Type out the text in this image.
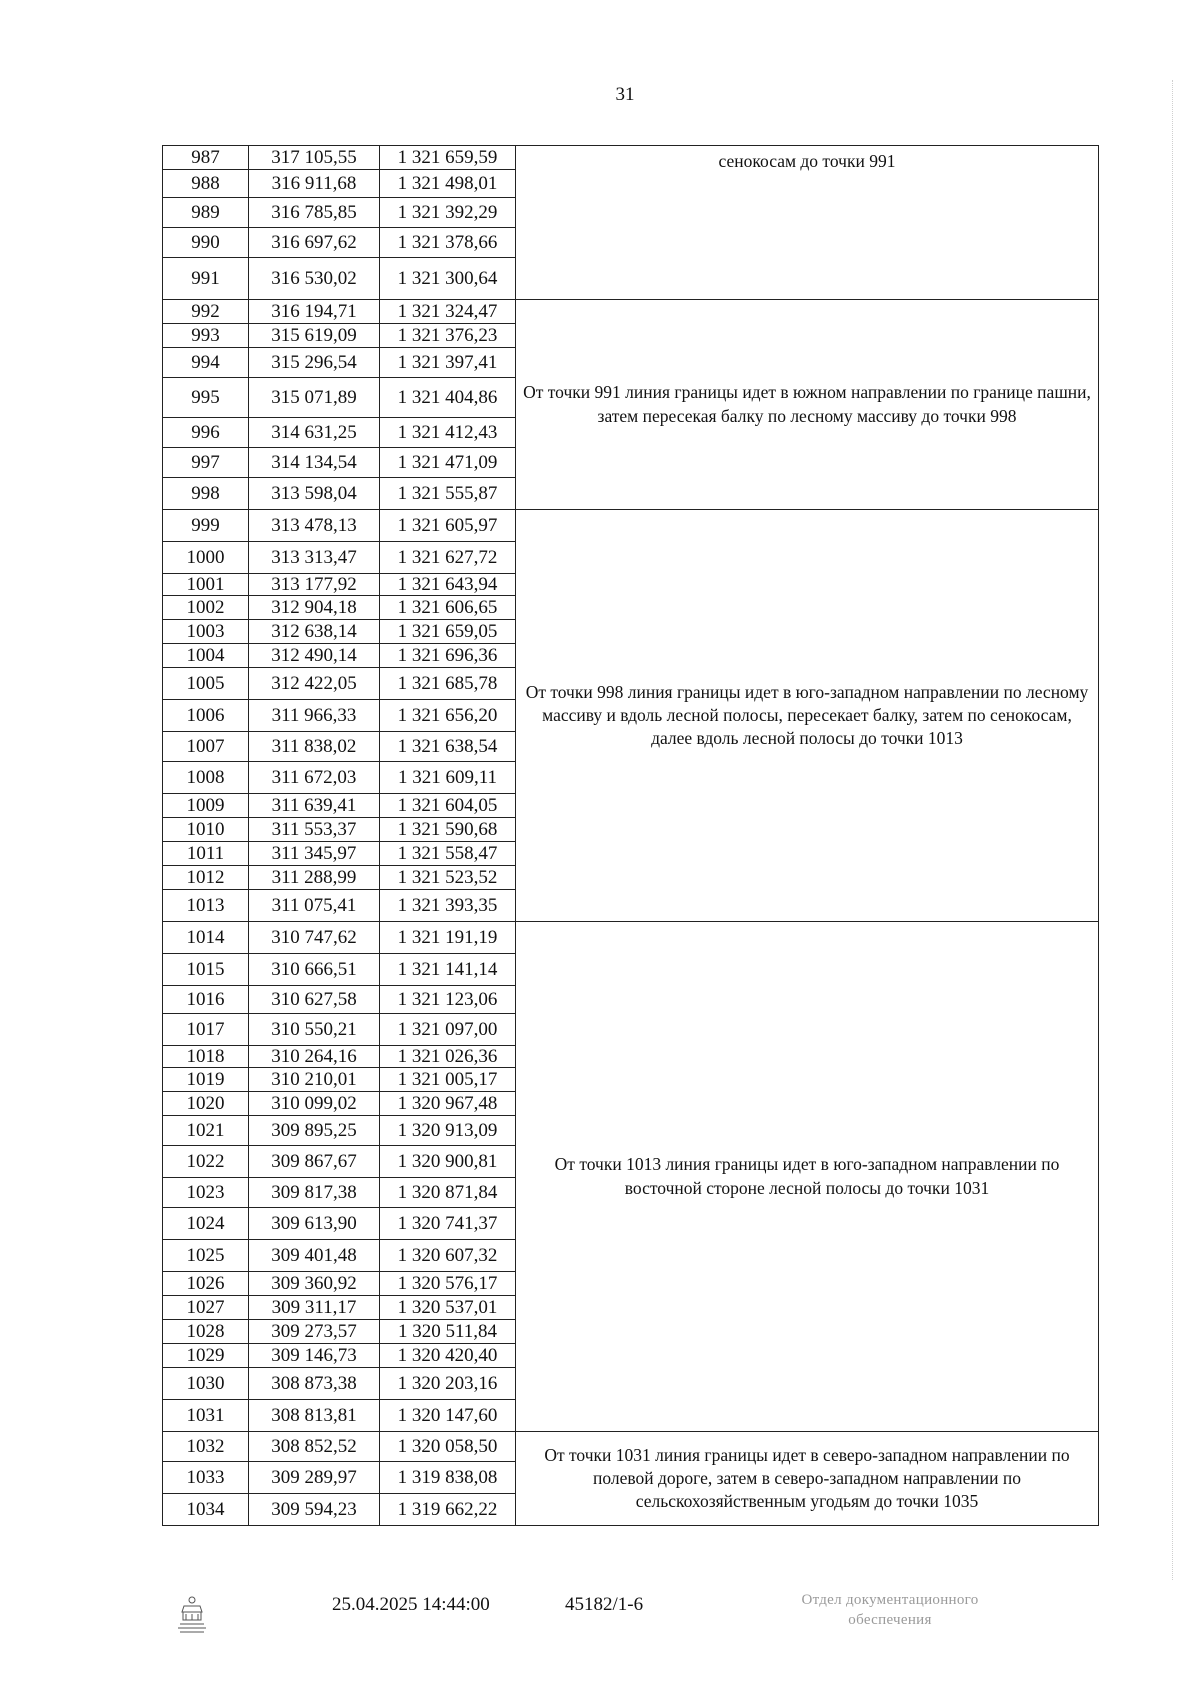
31
987	317 105,55	1 321 659,59	сенокосам до точки 991
988	316 911,68	1 321 498,01	
989	316 785,85	1 321 392,29	
990	316 697,62	1 321 378,66	
991	316 530,02	1 321 300,64	
992	316 194,71	1 321 324,47	От точки 991 линия границы идет в южном направлении по границе пашни, затем пересекая балку по лесному массиву до точки 998
993	315 619,09	1 321 376,23	
994	315 296,54	1 321 397,41	
995	315 071,89	1 321 404,86	
996	314 631,25	1 321 412,43	
997	314 134,54	1 321 471,09	
998	313 598,04	1 321 555,87	
999	313 478,13	1 321 605,97	От точки 998 линия границы идет в юго-западном направлении по лесному массиву и вдоль лесной полосы, пересекает балку, затем по сенокосам, далее вдоль лесной полосы до точки 1013
1000	313 313,47	1 321 627,72	
1001	313 177,92	1 321 643,94	
1002	312 904,18	1 321 606,65	
1003	312 638,14	1 321 659,05	
1004	312 490,14	1 321 696,36	
1005	312 422,05	1 321 685,78	
1006	311 966,33	1 321 656,20	
1007	311 838,02	1 321 638,54	
1008	311 672,03	1 321 609,11	
1009	311 639,41	1 321 604,05	
1010	311 553,37	1 321 590,68	
1011	311 345,97	1 321 558,47	
1012	311 288,99	1 321 523,52	
1013	311 075,41	1 321 393,35	
1014	310 747,62	1 321 191,19	От точки 1013 линия границы идет в юго-западном направлении по восточной стороне лесной полосы до точки 1031
1015	310 666,51	1 321 141,14	
1016	310 627,58	1 321 123,06	
1017	310 550,21	1 321 097,00	
1018	310 264,16	1 321 026,36	
1019	310 210,01	1 321 005,17	
1020	310 099,02	1 320 967,48	
1021	309 895,25	1 320 913,09	
1022	309 867,67	1 320 900,81	
1023	309 817,38	1 320 871,84	
1024	309 613,90	1 320 741,37	
1025	309 401,48	1 320 607,32	
1026	309 360,92	1 320 576,17	
1027	309 311,17	1 320 537,01	
1028	309 273,57	1 320 511,84	
1029	309 146,73	1 320 420,40	
1030	308 873,38	1 320 203,16	
1031	308 813,81	1 320 147,60	
1032	308 852,52	1 320 058,50	От точки 1031 линия границы идет в северо-западном направлении по полевой дороге, затем в северо-западном направлении по сельскохозяйственным угодьям до точки 1035
1033	309 289,97	1 319 838,08	
1034	309 594,23	1 319 662,22	
25.04.2025 14:44:00	45182/1-6	Отдел документационного
обеспечения
